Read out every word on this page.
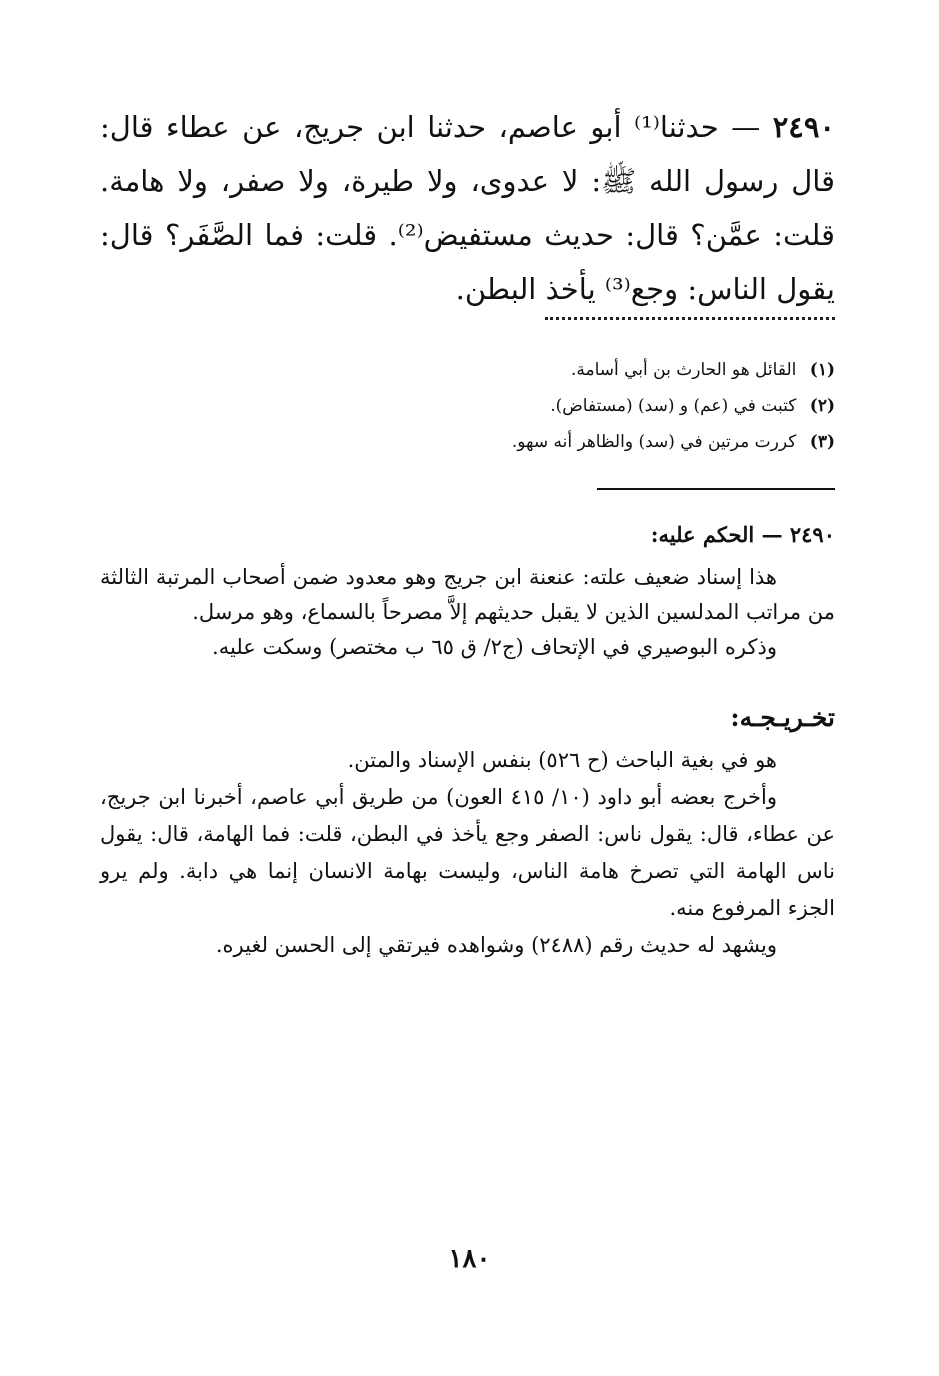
٢٤٩٠ — حدثنا⁽¹⁾ أبو عاصم، حدثنا ابن جريج، عن عطاء قال: قال رسول الله ﷺ: لا عدوى، ولا طيرة، ولا صفر، ولا هامة. قلت: عمَّن؟ قال: حديث مستفيض⁽²⁾. قلت: فما الصَّفَر؟ قال: يقول الناس: وجع⁽³⁾ يأخذ البطن.

(١) القائل هو الحارث بن أبي أسامة.
(٢) كتبت في (عم) و (سد) (مستفاض).
(٣) كررت مرتين في (سد) والظاهر أنه سهو.
٢٤٩٠ — الحكم عليه:

هذا إسناد ضعيف علته: عنعنة ابن جريج وهو معدود ضمن أصحاب المرتبة الثالثة من مراتب المدلسين الذين لا يقبل حديثهم إلاَّ مصرحاً بالسماع، وهو مرسل.

وذكره البوصيري في الإتحاف (ج٢/ ق ٦٥ ب مختصر) وسكت عليه.

تخـريـجـه:

هو في بغية الباحث (ح ٥٢٦) بنفس الإسناد والمتن.

وأخرج بعضه أبو داود (١٠/ ٤١٥ العون) من طريق أبي عاصم، أخبرنا ابن جريج، عن عطاء، قال: يقول ناس: الصفر وجع يأخذ في البطن، قلت: فما الهامة، قال: يقول ناس الهامة التي تصرخ هامة الناس، وليست بهامة الانسان إنما هي دابة. ولم يرو الجزء المرفوع منه.

ويشهد له حديث رقم (٢٤٨٨) وشواهده فيرتقي إلى الحسن لغيره.

١٨٠
